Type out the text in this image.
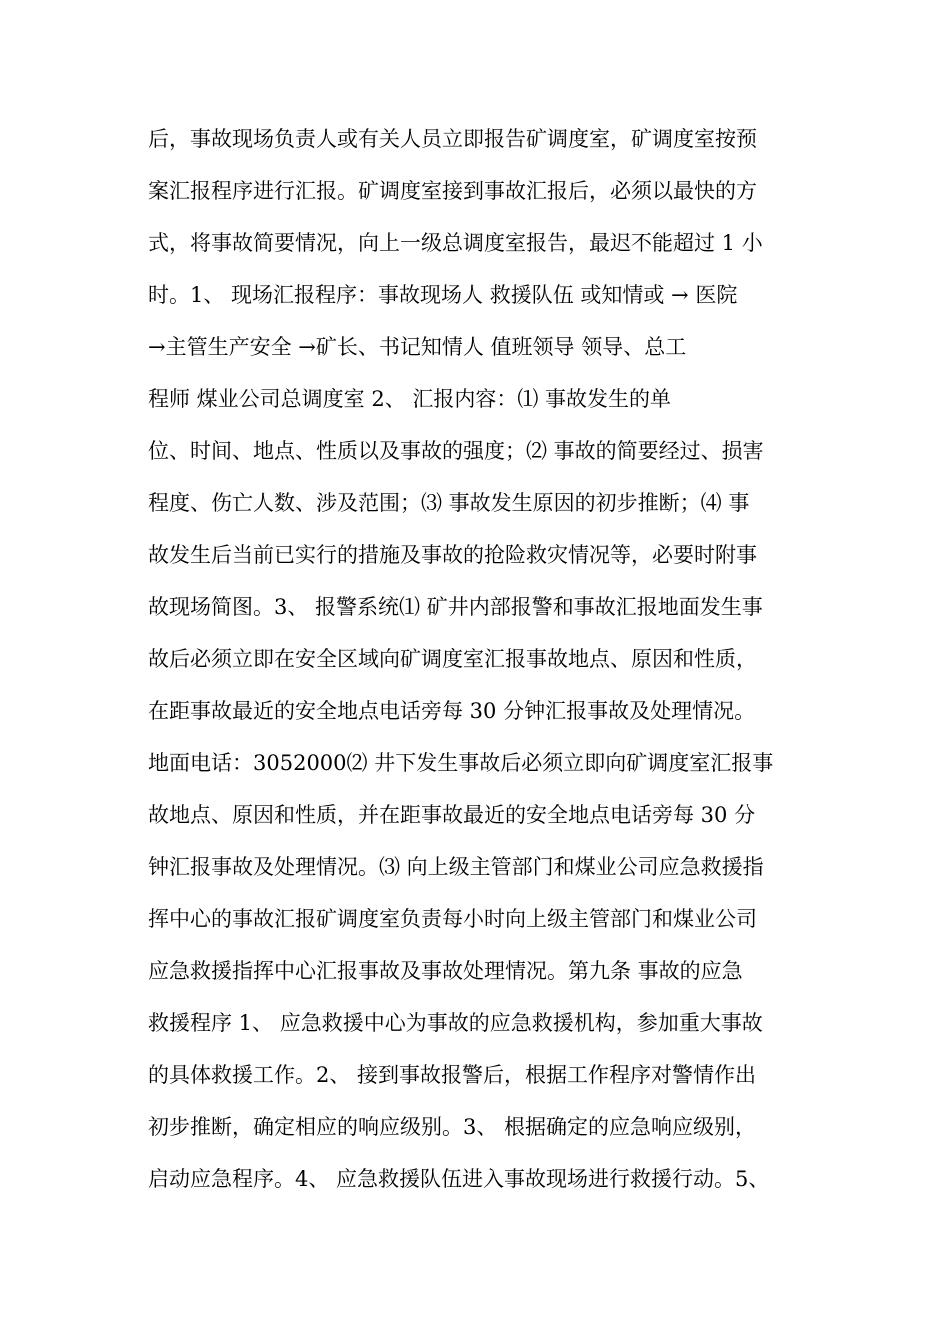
后，事故现场负责人或有关人员立即报告矿调度室，矿调度室按预
案汇报程序进行汇报。矿调度室接到事故汇报后，必须以最快的方
式，将事故简要情况，向上一级总调度室报告，最迟不能超过 1 小
时。1、 现场汇报程序：事故现场人 救援队伍 或知情或 → 医院
→主管生产安全 →矿长、书记知情人 值班领导 领导、总工
程师 煤业公司总调度室 2、 汇报内容：⑴ 事故发生的单
位、时间、地点、性质以及事故的强度；⑵ 事故的简要经过、损害
程度、伤亡人数、涉及范围；⑶ 事故发生原因的初步推断；⑷ 事
故发生后当前已实行的措施及事故的抢险救灾情况等，必要时附事
故现场简图。3、 报警系统⑴ 矿井内部报警和事故汇报地面发生事
故后必须立即在安全区域向矿调度室汇报事故地点、原因和性质，
在距事故最近的安全地点电话旁每 30 分钟汇报事故及处理情况。
地面电话：3052000⑵ 井下发生事故后必须立即向矿调度室汇报事
故地点、原因和性质，并在距事故最近的安全地点电话旁每 30 分
钟汇报事故及处理情况。⑶ 向上级主管部门和煤业公司应急救援指
挥中心的事故汇报矿调度室负责每小时向上级主管部门和煤业公司
应急救援指挥中心汇报事故及事故处理情况。第九条 事故的应急
救援程序 1、 应急救援中心为事故的应急救援机构，参加重大事故
的具体救援工作。2、 接到事故报警后，根据工作程序对警情作出
初步推断，确定相应的响应级别。3、 根据确定的应急响应级别，
启动应急程序。4、 应急救援队伍进入事故现场进行救援行动。5、
